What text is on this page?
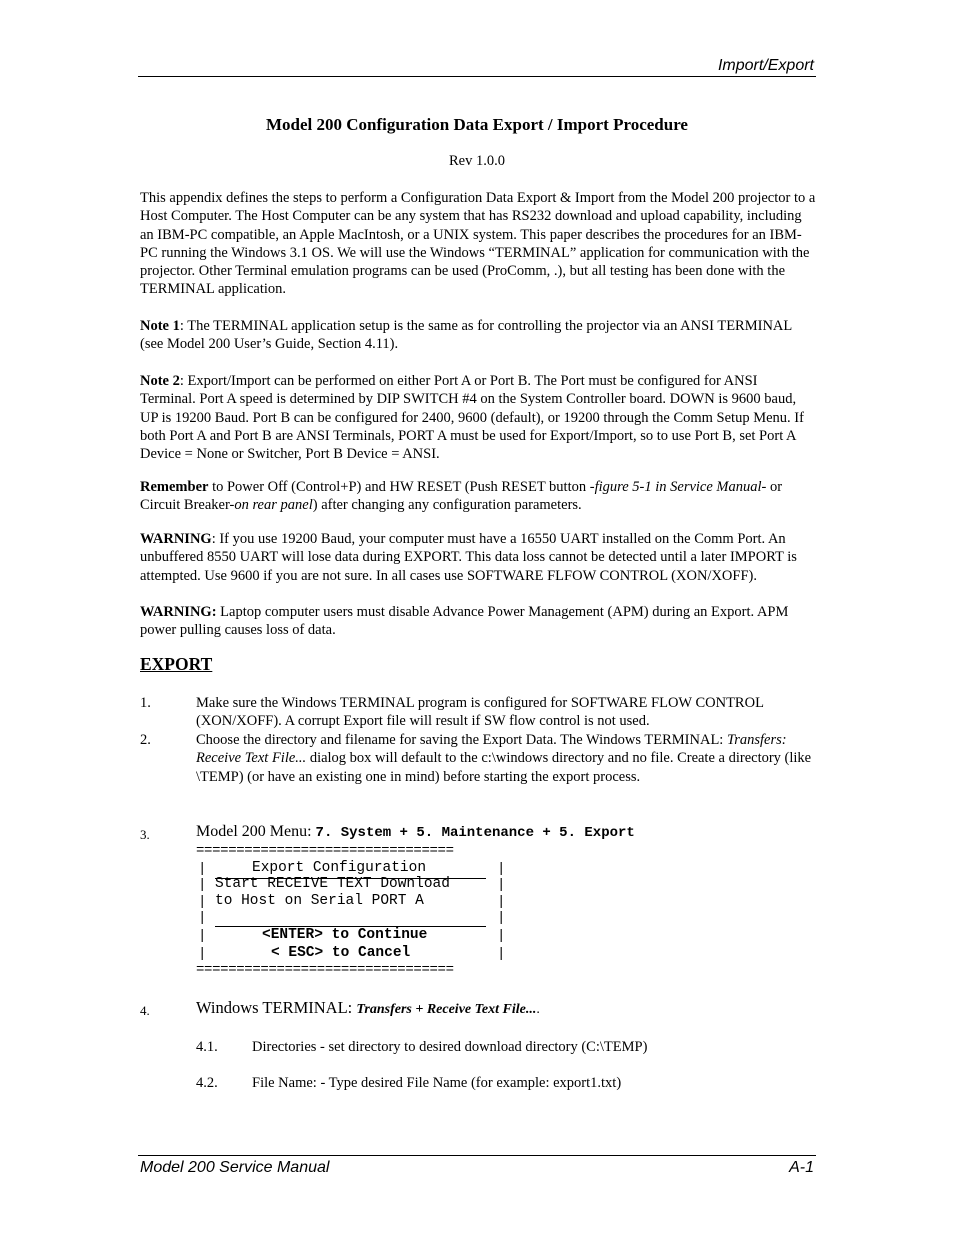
Import/Export
Model 200 Configuration Data Export / Import Procedure
Rev 1.0.0

This appendix defines the steps to perform a Configuration Data Export & Import from the Model 200 projector to a Host Computer. The Host Computer can be any system that has RS232 download and upload capability, including an IBM-PC compatible, an Apple MacIntosh, or a UNIX system. This paper describes the procedures for an IBM-PC running the Windows 3.1 OS. We will use the Windows “TERMINAL” application for communication with the projector. Other Terminal emulation programs can be used (ProComm, .), but all testing has been done with the TERMINAL application.

Note 1: The TERMINAL application setup is the same as for controlling the projector via an ANSI TERMINAL (see Model 200 User’s Guide, Section 4.11).

Note 2: Export/Import can be performed on either Port A or Port B. The Port must be configured for ANSI Terminal. Port A speed is determined by DIP SWITCH #4 on the System Controller board. DOWN is 9600 baud, UP is 19200 Baud. Port B can be configured for 2400, 9600 (default), or 19200 through the Comm Setup Menu. If both Port A and Port B are ANSI Terminals, PORT A must be used for Export/Import, so to use Port B, set Port A Device = None or Switcher, Port B Device = ANSI.

Remember to Power Off (Control+P) and HW RESET (Push RESET button -figure 5-1 in Service Manual- or Circuit Breaker-on rear panel) after changing any configuration parameters.

WARNING: If you use 19200 Baud, your computer must have a 16550 UART installed on the Comm Port. An unbuffered 8550 UART will lose data during EXPORT. This data loss cannot be detected until a later IMPORT is attempted. Use 9600 if you are not sure. In all cases use SOFTWARE FLFOW CONTROL (XON/XOFF).

WARNING: Laptop computer users must disable Advance Power Management (APM) during an Export. APM power pulling causes loss of data.

EXPORT
1.	Make sure the Windows TERMINAL program is configured for SOFTWARE FLOW CONTROL (XON/XOFF). A corrupt Export file will result if SW flow control is not used.

2.	Choose the directory and filename for saving the Export Data. The Windows TERMINAL: Transfers: Receive Text File... dialog box will default to the c:\windows directory and no file. Create a directory (like \TEMP) (or have an existing one in mind) before starting the export process.

3.	Model 200 Menu: 7. System + 5. Maintenance + 5. Export
================================
|	|
Export Configuration
|	|
Start RECEIVE TEXT Download
|	|
to Host on Serial PORT A
|	|
|	|
<ENTER> to Continue
|	|
< ESC> to Cancel
================================
4.	Windows TERMINAL: Transfers + Receive Text File....
4.1. Directories - set directory to desired download directory (C:\TEMP)
4.2. File Name: - Type desired File Name (for example: export1.txt)
Model 200 Service Manual	A-1
